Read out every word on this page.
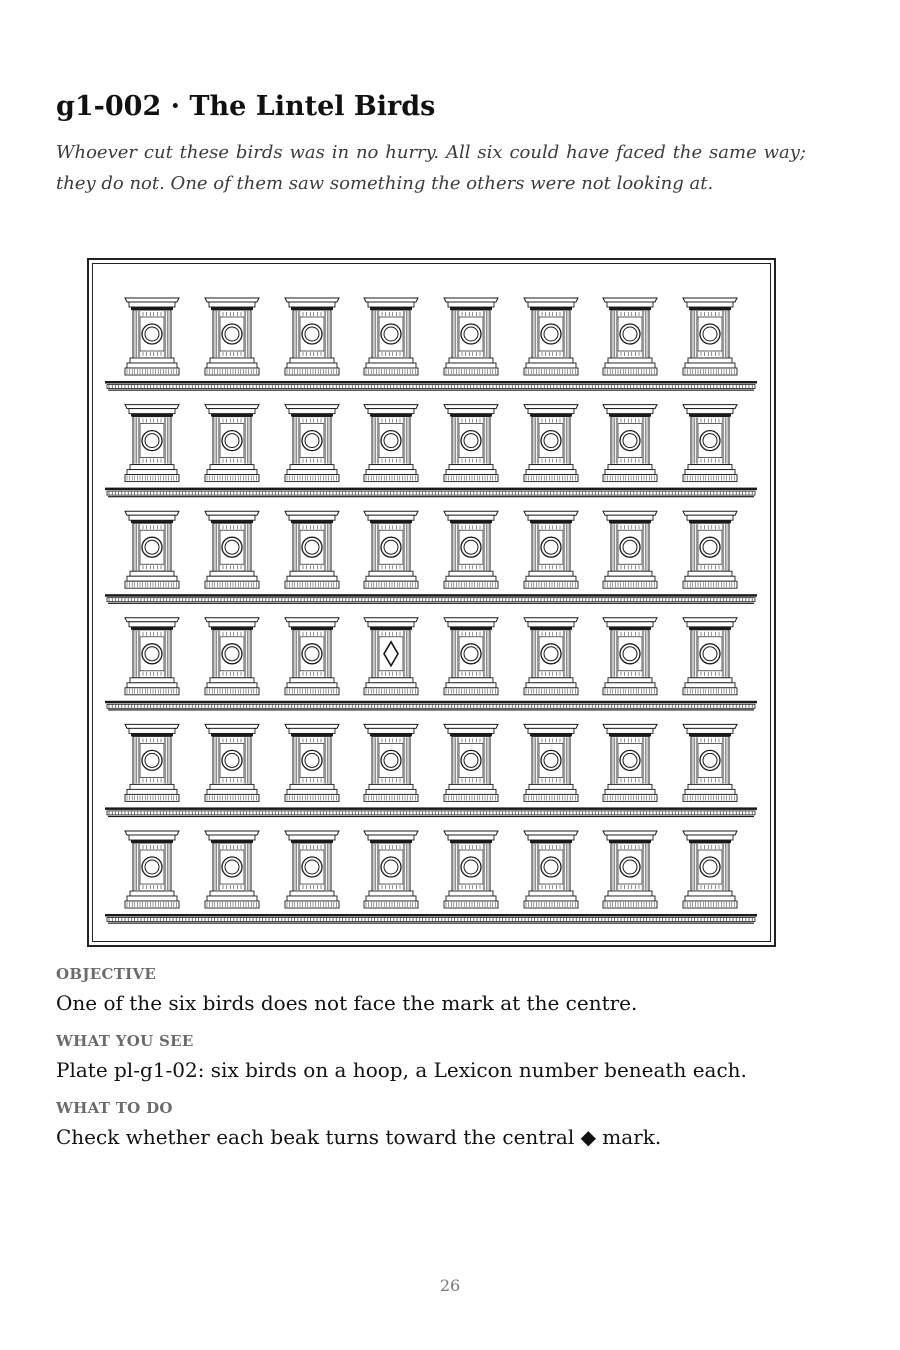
g1-002 · The Lintel Birds

Whoever cut these birds was in no hurry. All six could have faced the same way; they do not. One of them saw something the others were not looking at.

OBJECTIVE
One of the six birds does not face the mark at the centre.
WHAT YOU SEE
Plate pl-g1-02: six birds on a hoop, a Lexicon number beneath each.
WHAT TO DO
Check whether each beak turns toward the central ◆ mark.
26
